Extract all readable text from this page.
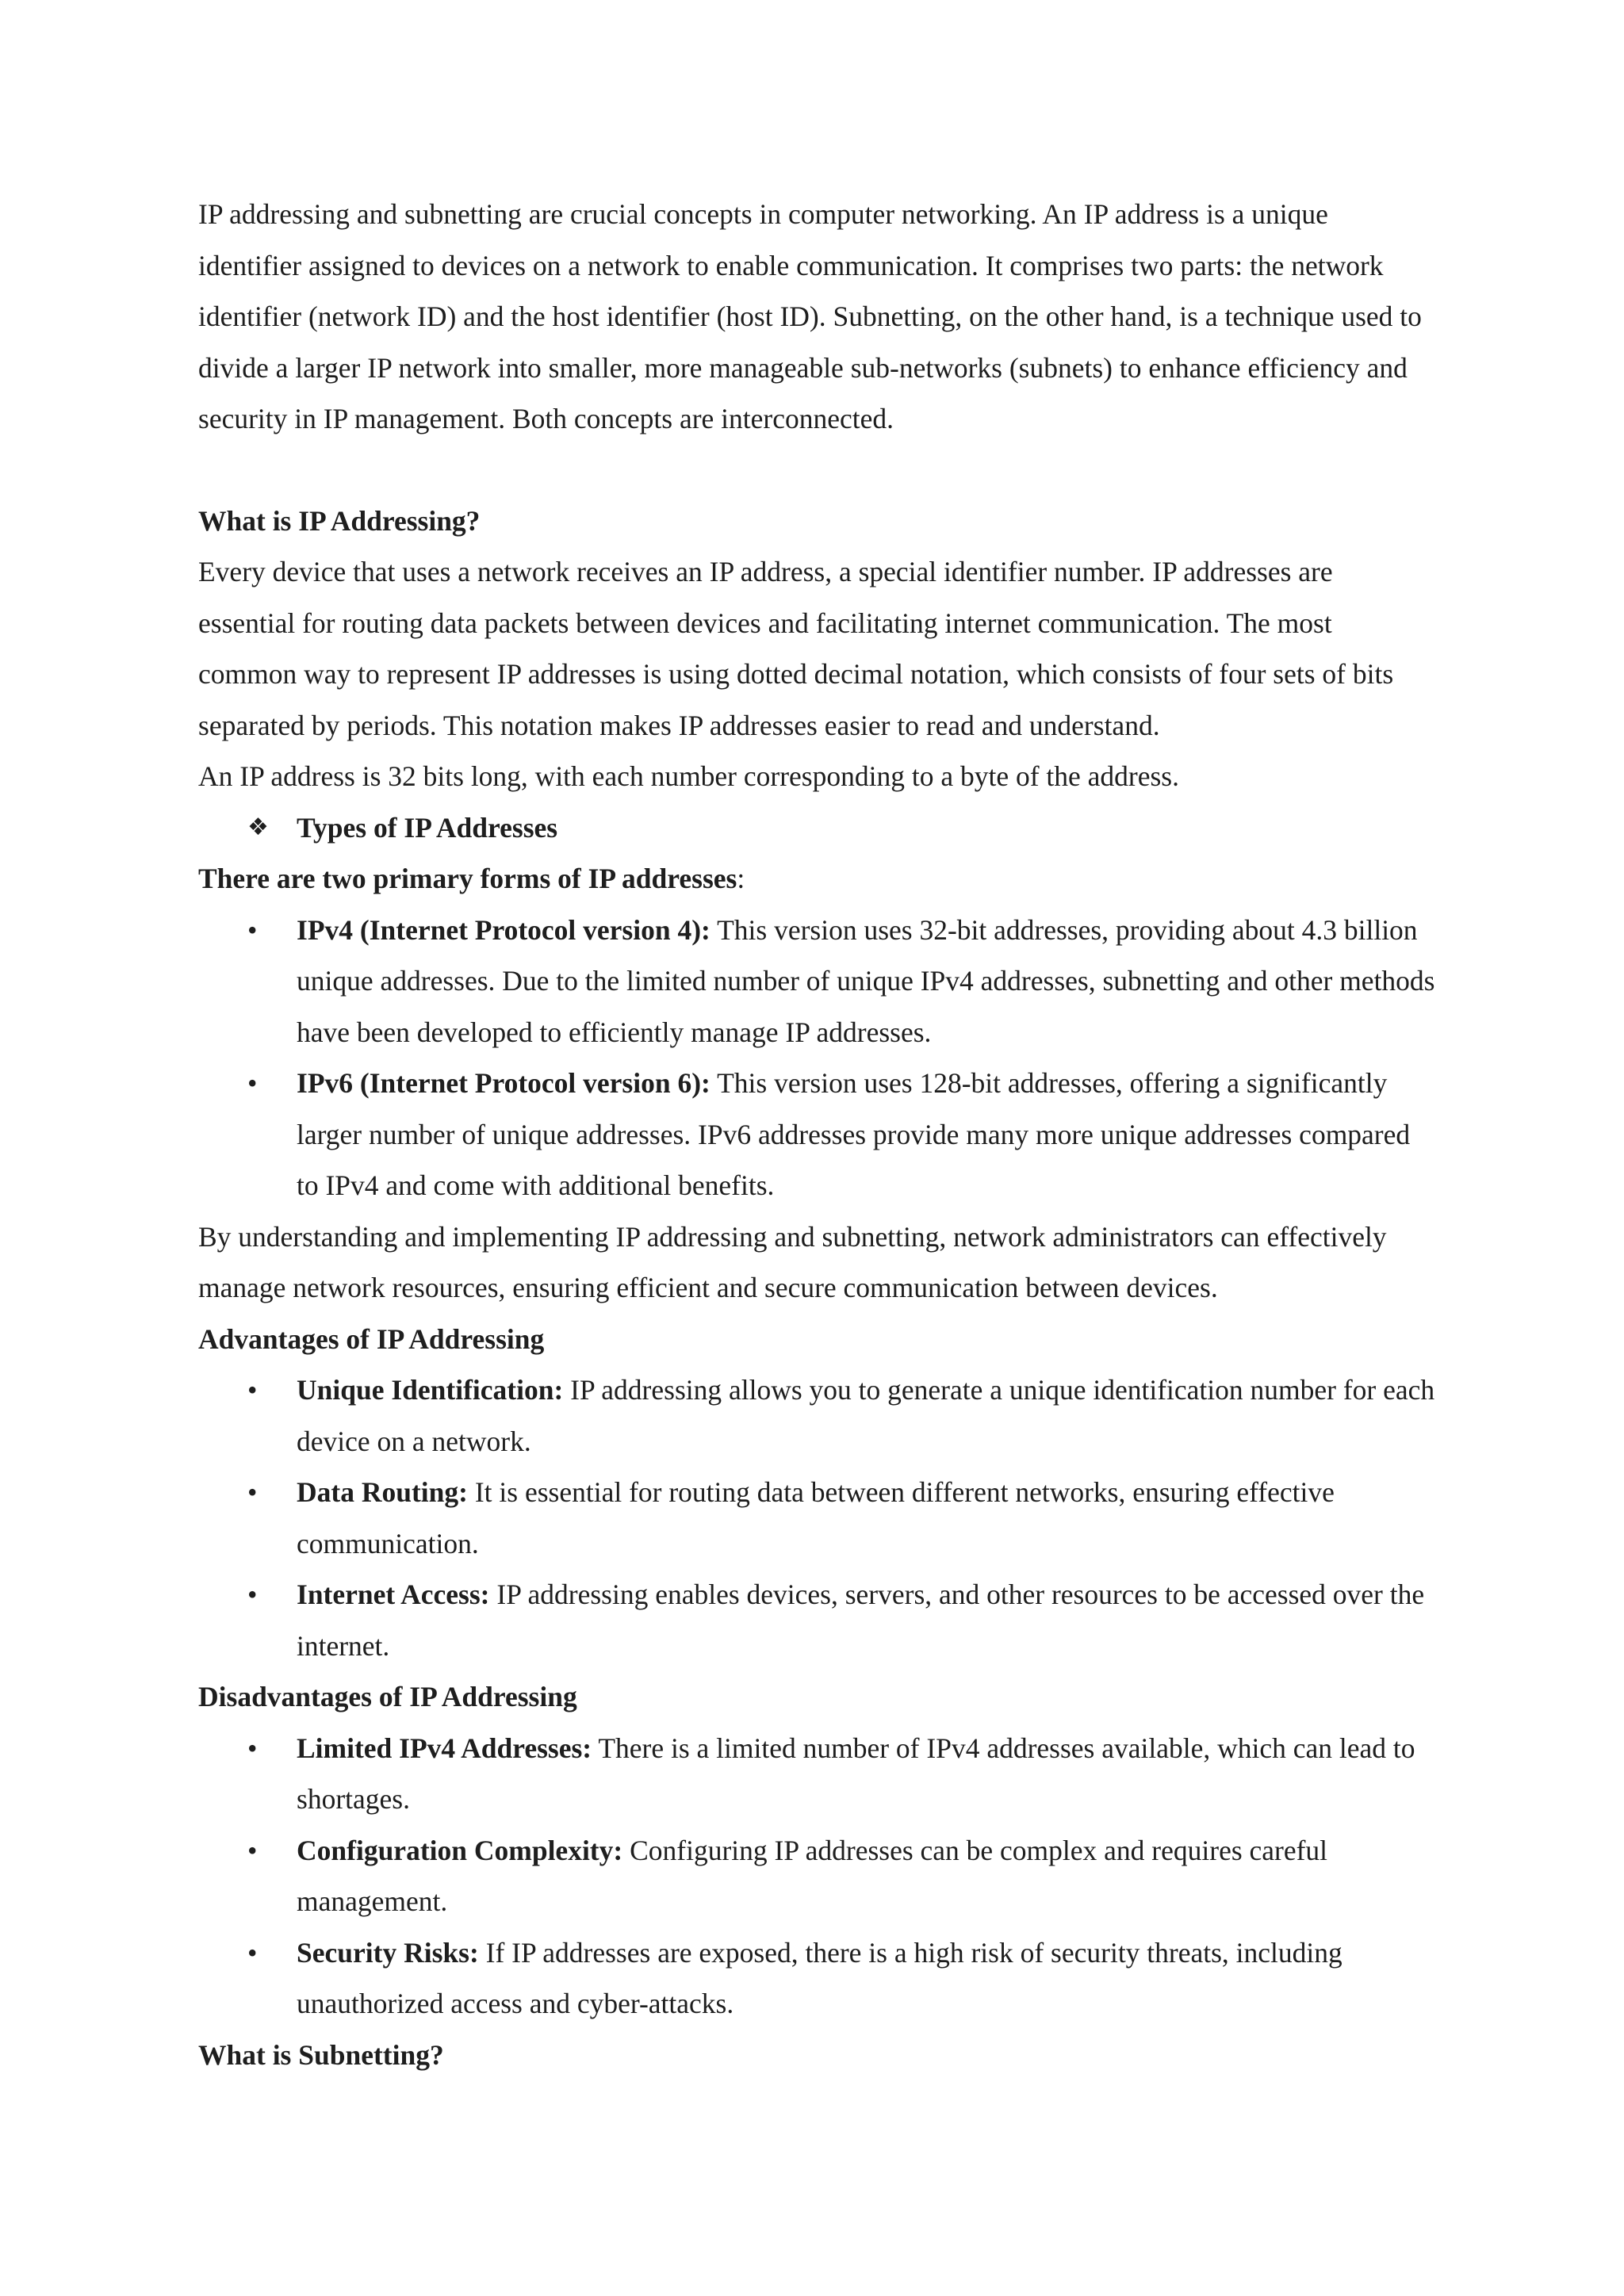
IP addressing and subnetting are crucial concepts in computer networking. An IP address is a unique identifier assigned to devices on a network to enable communication. It comprises two parts: the network identifier (network ID) and the host identifier (host ID). Subnetting, on the other hand, is a technique used to divide a larger IP network into smaller, more manageable sub-networks (subnets) to enhance efficiency and security in IP management. Both concepts are interconnected.

What is IP Addressing?

Every device that uses a network receives an IP address, a special identifier number. IP addresses are essential for routing data packets between devices and facilitating internet communication. The most common way to represent IP addresses is using dotted decimal notation, which consists of four sets of bits separated by periods. This notation makes IP addresses easier to read and understand.

An IP address is 32 bits long, with each number corresponding to a byte of the address.

❖ Types of IP Addresses

There are two primary forms of IP addresses:

• IPv4 (Internet Protocol version 4): This version uses 32-bit addresses, providing about 4.3 billion unique addresses. Due to the limited number of unique IPv4 addresses, subnetting and other methods have been developed to efficiently manage IP addresses.
• IPv6 (Internet Protocol version 6): This version uses 128-bit addresses, offering a significantly larger number of unique addresses. IPv6 addresses provide many more unique addresses compared to IPv4 and come with additional benefits.

By understanding and implementing IP addressing and subnetting, network administrators can effectively manage network resources, ensuring efficient and secure communication between devices.

Advantages of IP Addressing

• Unique Identification: IP addressing allows you to generate a unique identification number for each device on a network.
• Data Routing: It is essential for routing data between different networks, ensuring effective communication.
• Internet Access: IP addressing enables devices, servers, and other resources to be accessed over the internet.

Disadvantages of IP Addressing

• Limited IPv4 Addresses: There is a limited number of IPv4 addresses available, which can lead to shortages.
• Configuration Complexity: Configuring IP addresses can be complex and requires careful management.
• Security Risks: If IP addresses are exposed, there is a high risk of security threats, including unauthorized access and cyber-attacks.

What is Subnetting?
